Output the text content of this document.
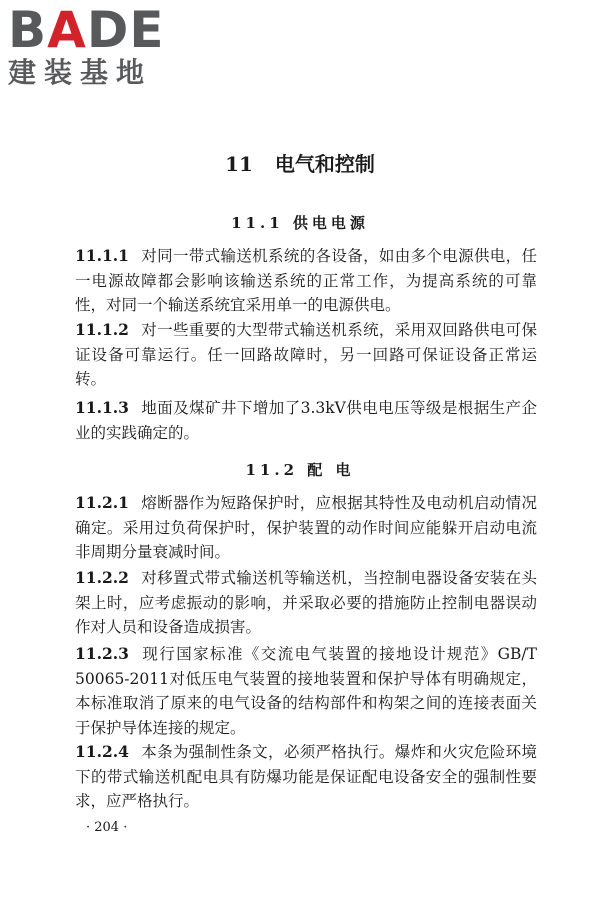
BADE
建装基地
11 电气和控制
11.1 供电电源
11.1.1 对同一带式输送机系统的各设备，如由多个电源供电，任一电源故障都会影响该输送系统的正常工作，为提高系统的可靠性，对同一个输送系统宜采用单一的电源供电。
11.1.2 对一些重要的大型带式输送机系统，采用双回路供电可保证设备可靠运行。任一回路故障时，另一回路可保证设备正常运转。
11.1.3 地面及煤矿井下增加了3.3kV供电电压等级是根据生产企业的实践确定的。
11.2 配 电
11.2.1 熔断器作为短路保护时，应根据其特性及电动机启动情况确定。采用过负荷保护时，保护装置的动作时间应能躲开启动电流非周期分量衰减时间。
11.2.2 对移置式带式输送机等输送机，当控制电器设备安装在头架上时，应考虑振动的影响，并采取必要的措施防止控制电器误动作对人员和设备造成损害。
11.2.3 现行国家标准《交流电气装置的接地设计规范》GB/T 50065-2011对低压电气装置的接地装置和保护导体有明确规定，本标准取消了原来的电气设备的结构部件和构架之间的连接表面关于保护导体连接的规定。
11.2.4 本条为强制性条文，必须严格执行。爆炸和火灾危险环境下的带式输送机配电具有防爆功能是保证配电设备安全的强制性要求，应严格执行。
· 204 ·
